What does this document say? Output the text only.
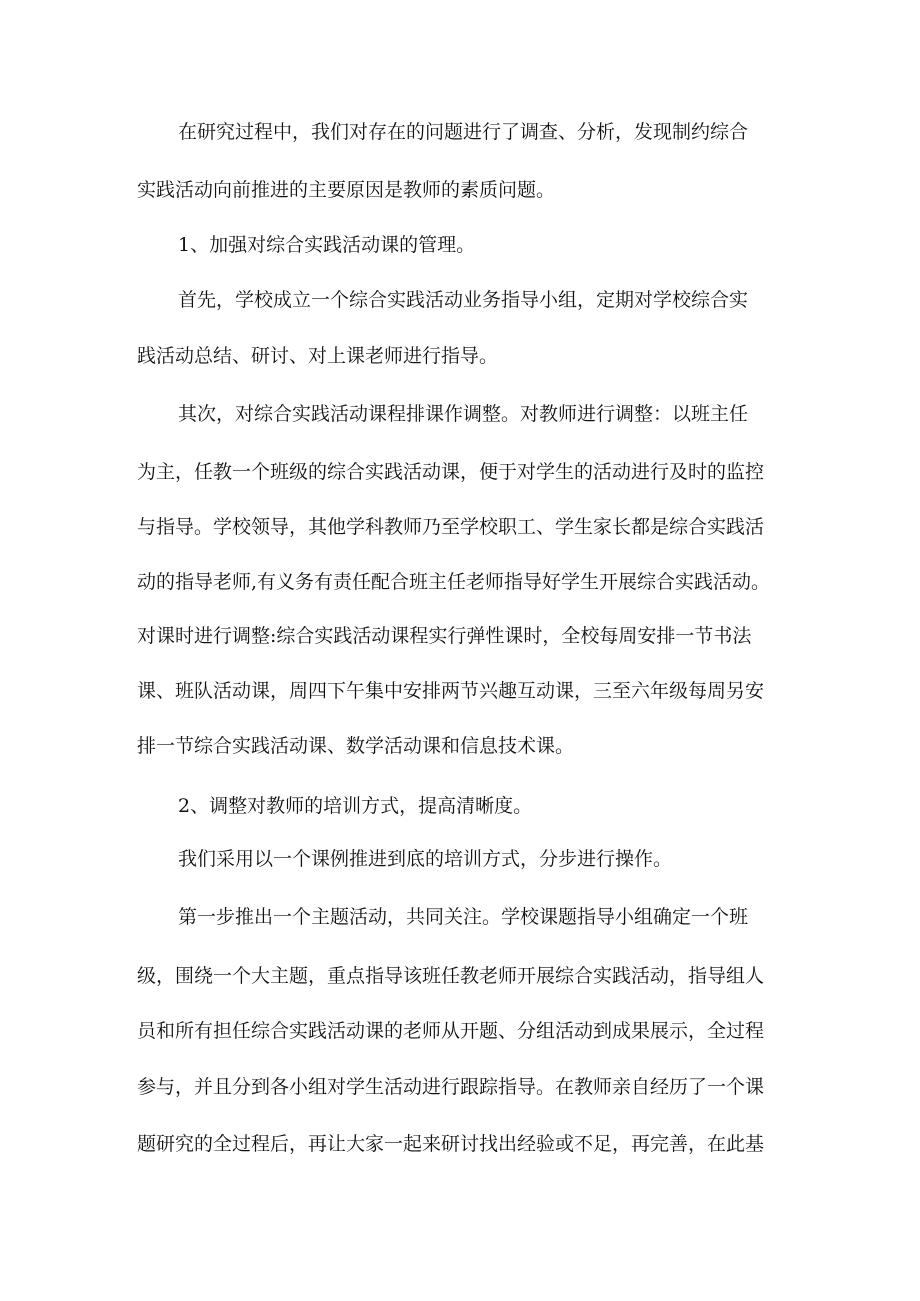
在研究过程中，我们对存在的问题进行了调查、分析，发现制约综合
实践活动向前推进的主要原因是教师的素质问题。
1、加强对综合实践活动课的管理。
首先，学校成立一个综合实践活动业务指导小组，定期对学校综合实
践活动总结、研讨、对上课老师进行指导。
其次，对综合实践活动课程排课作调整。对教师进行调整：以班主任
为主，任教一个班级的综合实践活动课，便于对学生的活动进行及时的监控
与指导。学校领导，其他学科教师乃至学校职工、学生家长都是综合实践活
动的指导老师,有义务有责任配合班主任老师指导好学生开展综合实践活动。
对课时进行调整:综合实践活动课程实行弹性课时，全校每周安排一节书法
课、班队活动课，周四下午集中安排两节兴趣互动课，三至六年级每周另安
排一节综合实践活动课、数学活动课和信息技术课。
2、调整对教师的培训方式，提高清晰度。
我们采用以一个课例推进到底的培训方式，分步进行操作。
第一步推出一个主题活动，共同关注。学校课题指导小组确定一个班
级，围绕一个大主题，重点指导该班任教老师开展综合实践活动，指导组人
员和所有担任综合实践活动课的老师从开题、分组活动到成果展示，全过程
参与，并且分到各小组对学生活动进行跟踪指导。在教师亲自经历了一个课
题研究的全过程后，再让大家一起来研讨找出经验或不足，再完善，在此基
